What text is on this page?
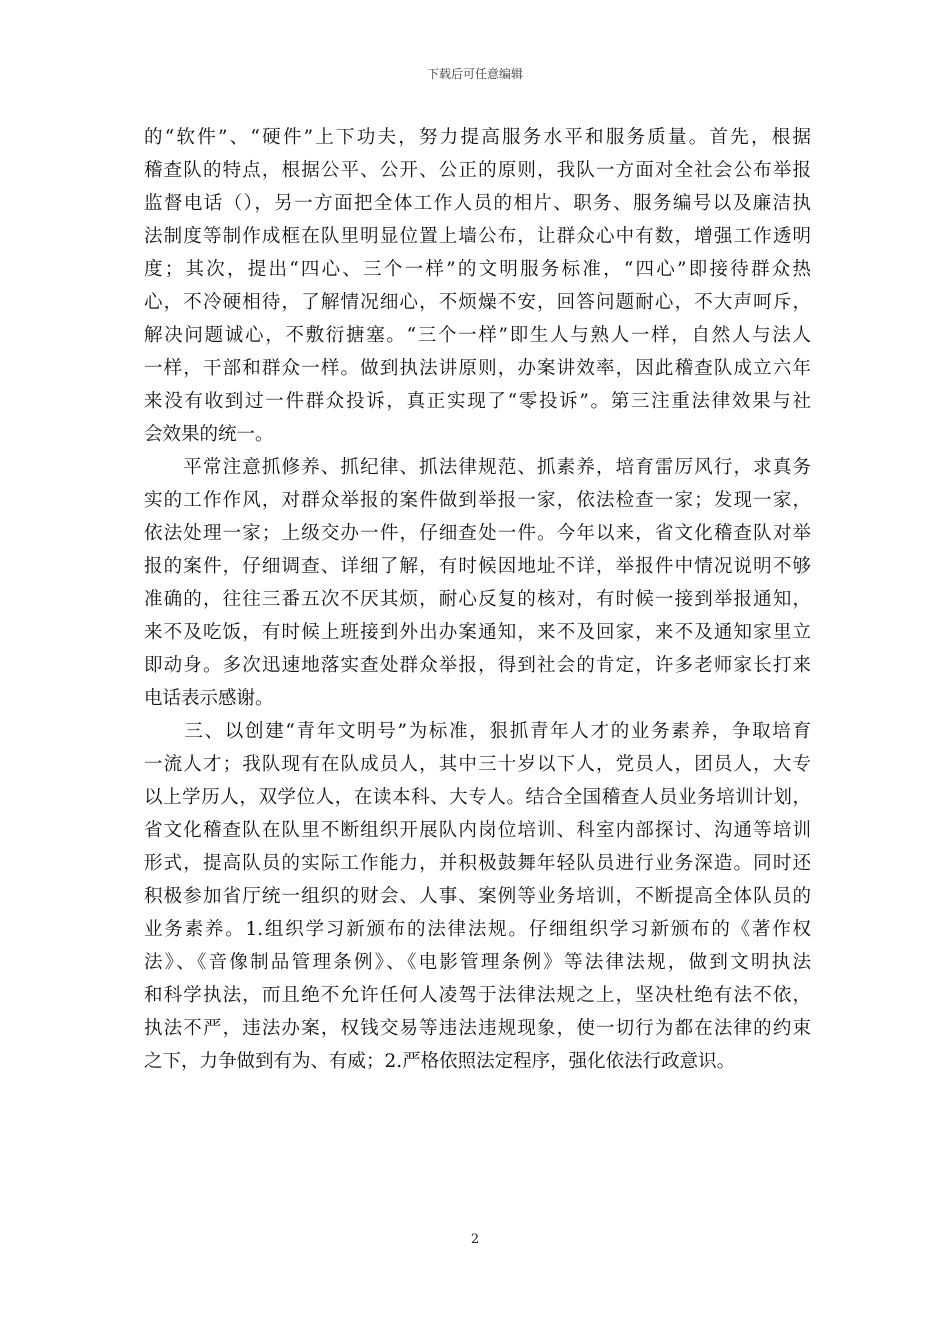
下载后可任意编辑
的“软件”、“硬件”上下功夫，努力提高服务水平和服务质量。首先，根据
稽查队的特点，根据公平、公开、公正的原则，我队一方面对全社会公布举报
监督电话（），另一方面把全体工作人员的相片、职务、服务编号以及廉洁执
法制度等制作成框在队里明显位置上墙公布，让群众心中有数，增强工作透明
度；其次，提出“四心、三个一样”的文明服务标准，“四心”即接待群众热
心，不冷硬相待，了解情况细心，不烦燥不安，回答问题耐心，不大声呵斥，
解决问题诚心，不敷衍搪塞。“三个一样”即生人与熟人一样，自然人与法人
一样，干部和群众一样。做到执法讲原则，办案讲效率，因此稽查队成立六年
来没有收到过一件群众投诉，真正实现了“零投诉”。第三注重法律效果与社
会效果的统一。
　　平常注意抓修养、抓纪律、抓法律规范、抓素养，培育雷厉风行，求真务
实的工作作风，对群众举报的案件做到举报一家，依法检查一家；发现一家，
依法处理一家；上级交办一件，仔细查处一件。今年以来，省文化稽查队对举
报的案件，仔细调查、详细了解，有时候因地址不详，举报件中情况说明不够
准确的，往往三番五次不厌其烦，耐心反复的核对，有时候一接到举报通知，
来不及吃饭，有时候上班接到外出办案通知，来不及回家，来不及通知家里立
即动身。多次迅速地落实查处群众举报，得到社会的肯定，许多老师家长打来
电话表示感谢。
　　三、以创建“青年文明号”为标准，狠抓青年人才的业务素养，争取培育
一流人才；我队现有在队成员人，其中三十岁以下人，党员人，团员人，大专
以上学历人，双学位人，在读本科、大专人。结合全国稽查人员业务培训计划，
省文化稽查队在队里不断组织开展队内岗位培训、科室内部探讨、沟通等培训
形式，提高队员的实际工作能力，并积极鼓舞年轻队员进行业务深造。同时还
积极参加省厅统一组织的财会、人事、案例等业务培训，不断提高全体队员的
业务素养。1.组织学习新颁布的法律法规。仔细组织学习新颁布的《著作权
法》、《音像制品管理条例》、《电影管理条例》等法律法规，做到文明执法
和科学执法，而且绝不允许任何人凌驾于法律法规之上，坚决杜绝有法不依，
执法不严，违法办案，权钱交易等违法违规现象，使一切行为都在法律的约束
之下，力争做到有为、有威；2.严格依照法定程序，强化依法行政意识。
2
